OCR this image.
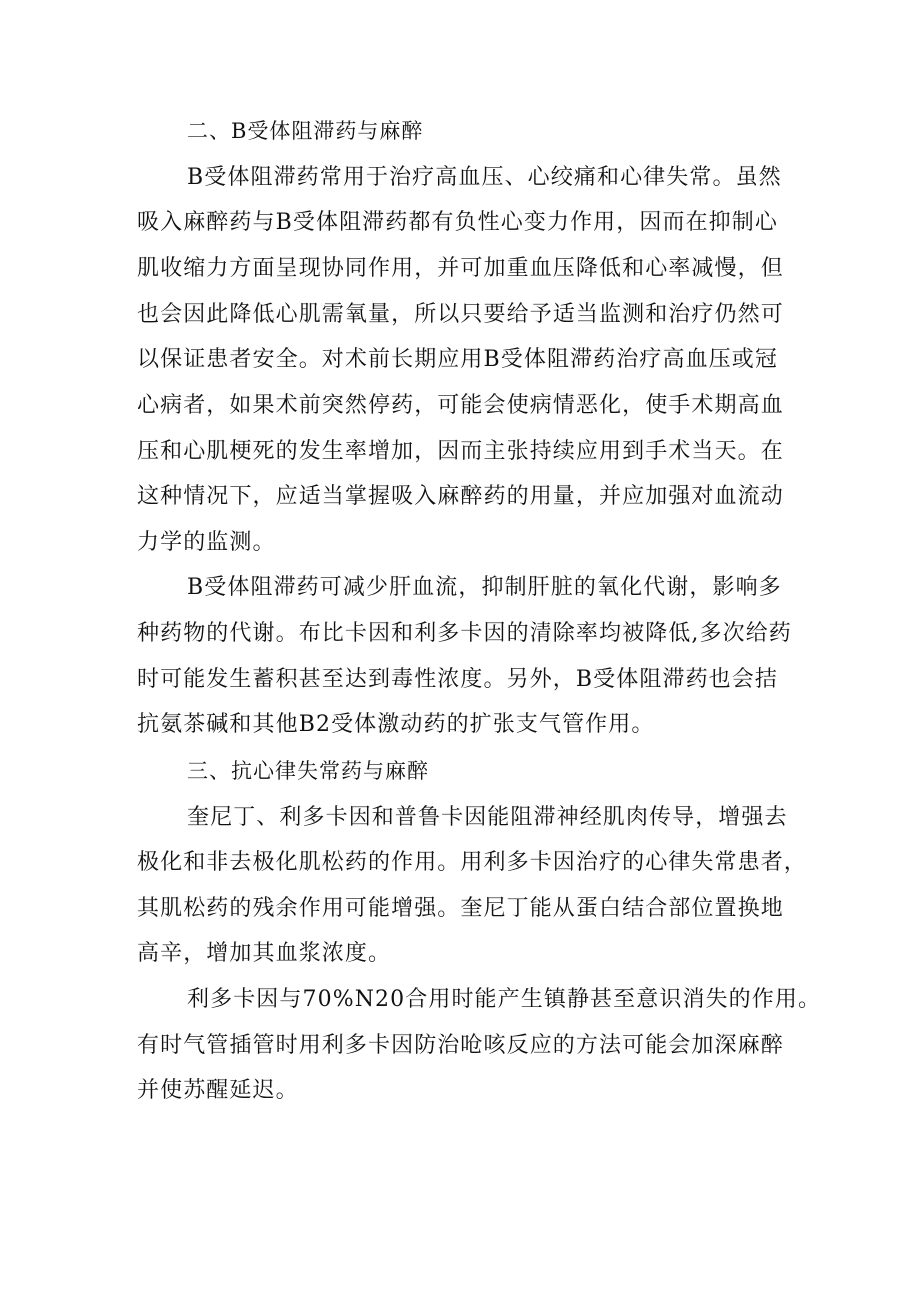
二、B受体阻滞药与麻醉
B受体阻滞药常用于治疗高血压、心绞痛和心律失常。虽然
吸入麻醉药与B受体阻滞药都有负性心变力作用，因而在抑制心
肌收缩力方面呈现协同作用，并可加重血压降低和心率减慢，但
也会因此降低心肌需氧量，所以只要给予适当监测和治疗仍然可
以保证患者安全。对术前长期应用B受体阻滞药治疗高血压或冠
心病者，如果术前突然停药，可能会使病情恶化，使手术期高血
压和心肌梗死的发生率增加，因而主张持续应用到手术当天。在
这种情况下，应适当掌握吸入麻醉药的用量，并应加强对血流动
力学的监测。
B受体阻滞药可减少肝血流，抑制肝脏的氧化代谢，影响多
种药物的代谢。布比卡因和利多卡因的清除率均被降低,多次给药
时可能发生蓄积甚至达到毒性浓度。另外，B受体阻滞药也会拮
抗氨茶碱和其他B2受体激动药的扩张支气管作用。
三、抗心律失常药与麻醉
奎尼丁、利多卡因和普鲁卡因能阻滞神经肌肉传导，增强去
极化和非去极化肌松药的作用。用利多卡因治疗的心律失常患者，
其肌松药的残余作用可能增强。奎尼丁能从蛋白结合部位置换地
高辛，增加其血浆浓度。
利多卡因与70%N20合用时能产生镇静甚至意识消失的作用。
有时气管插管时用利多卡因防治呛咳反应的方法可能会加深麻醉
并使苏醒延迟。
